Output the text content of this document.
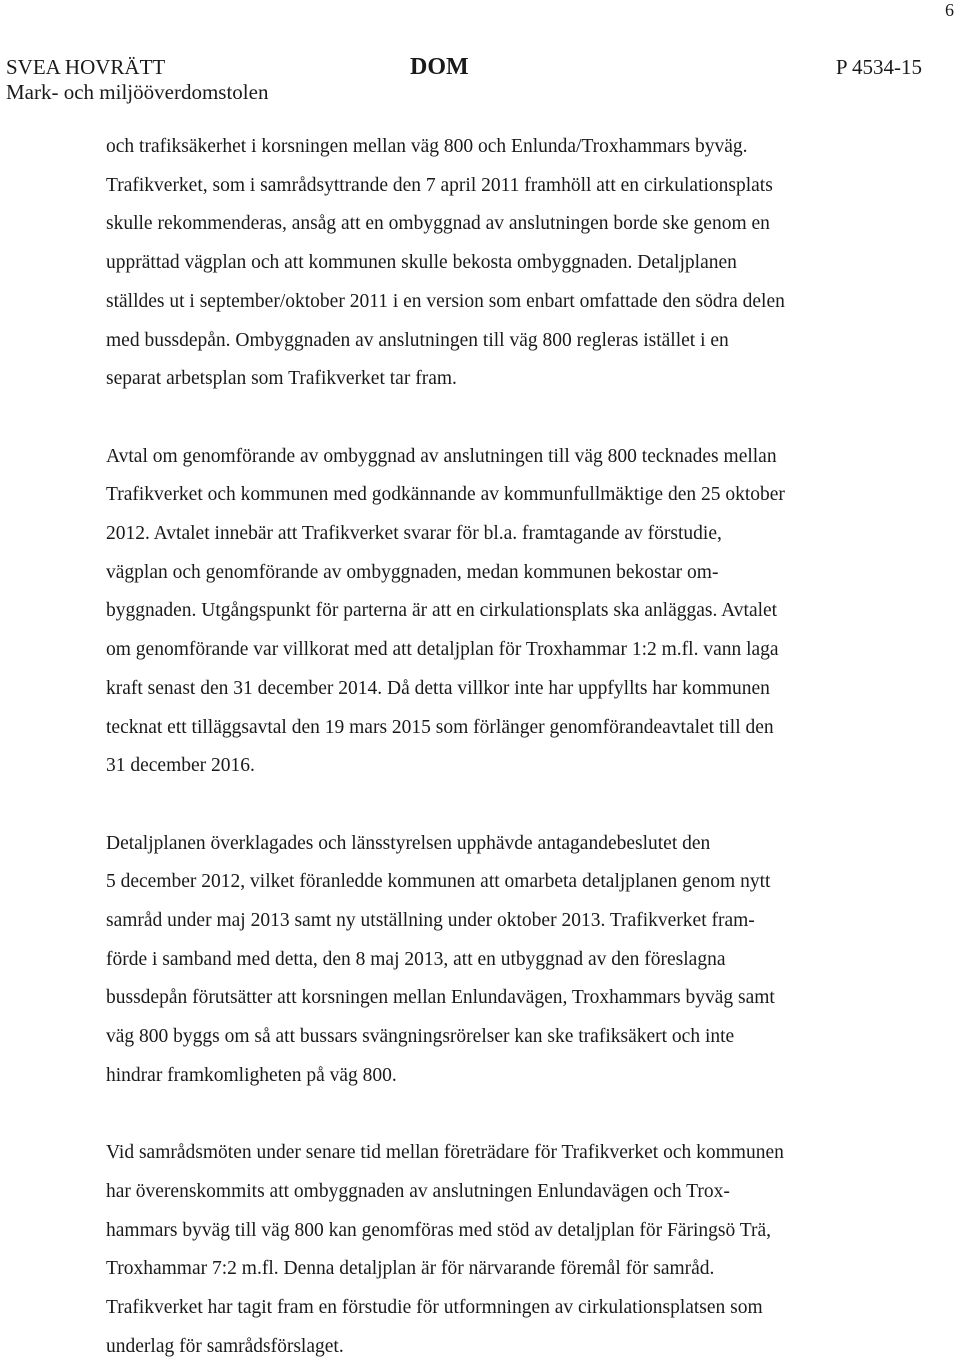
6
SVEA HOVRÄTT
Mark- och miljööverdomstolen
DOM	P 4534-15
och trafiksäkerhet i korsningen mellan väg 800 och Enlunda/Troxhammars byväg.
Trafikverket, som i samrådsyttrande den 7 april 2011 framhöll att en cirkulationsplats
skulle rekommenderas, ansåg att en ombyggnad av anslutningen borde ske genom en
upprättad vägplan och att kommunen skulle bekosta ombyggnaden. Detaljplanen
ställdes ut i september/oktober 2011 i en version som enbart omfattade den södra delen
med bussdepån. Ombyggnaden av anslutningen till väg 800 regleras istället i en
separat arbetsplan som Trafikverket tar fram.
Avtal om genomförande av ombyggnad av anslutningen till väg 800 tecknades mellan
Trafikverket och kommunen med godkännande av kommunfullmäktige den 25 oktober
2012. Avtalet innebär att Trafikverket svarar för bl.a. framtagande av förstudie,
vägplan och genomförande av ombyggnaden, medan kommunen bekostar om-
byggnaden. Utgångspunkt för parterna är att en cirkulationsplats ska anläggas. Avtalet
om genomförande var villkorat med att detaljplan för Troxhammar 1:2 m.fl. vann laga
kraft senast den 31 december 2014. Då detta villkor inte har uppfyllts har kommunen
tecknat ett tilläggsavtal den 19 mars 2015 som förlänger genomförandeavtalet till den
31 december 2016.
Detaljplanen överklagades och länsstyrelsen upphävde antagandebeslutet den
5 december 2012, vilket föranledde kommunen att omarbeta detaljplanen genom nytt
samråd under maj 2013 samt ny utställning under oktober 2013. Trafikverket fram-
förde i samband med detta, den 8 maj 2013, att en utbyggnad av den föreslagna
bussdepån förutsätter att korsningen mellan Enlundavägen, Troxhammars byväg samt
väg 800 byggs om så att bussars svängningsrörelser kan ske trafiksäkert och inte
hindrar framkomligheten på väg 800.
Vid samrådsmöten under senare tid mellan företrädare för Trafikverket och kommunen
har överenskommits att ombyggnaden av anslutningen Enlundavägen och Trox-
hammars byväg till väg 800 kan genomföras med stöd av detaljplan för Färingsö Trä,
Troxhammar 7:2 m.fl. Denna detaljplan är för närvarande föremål för samråd.
Trafikverket har tagit fram en förstudie för utformningen av cirkulationsplatsen som
underlag för samrådsförslaget.
